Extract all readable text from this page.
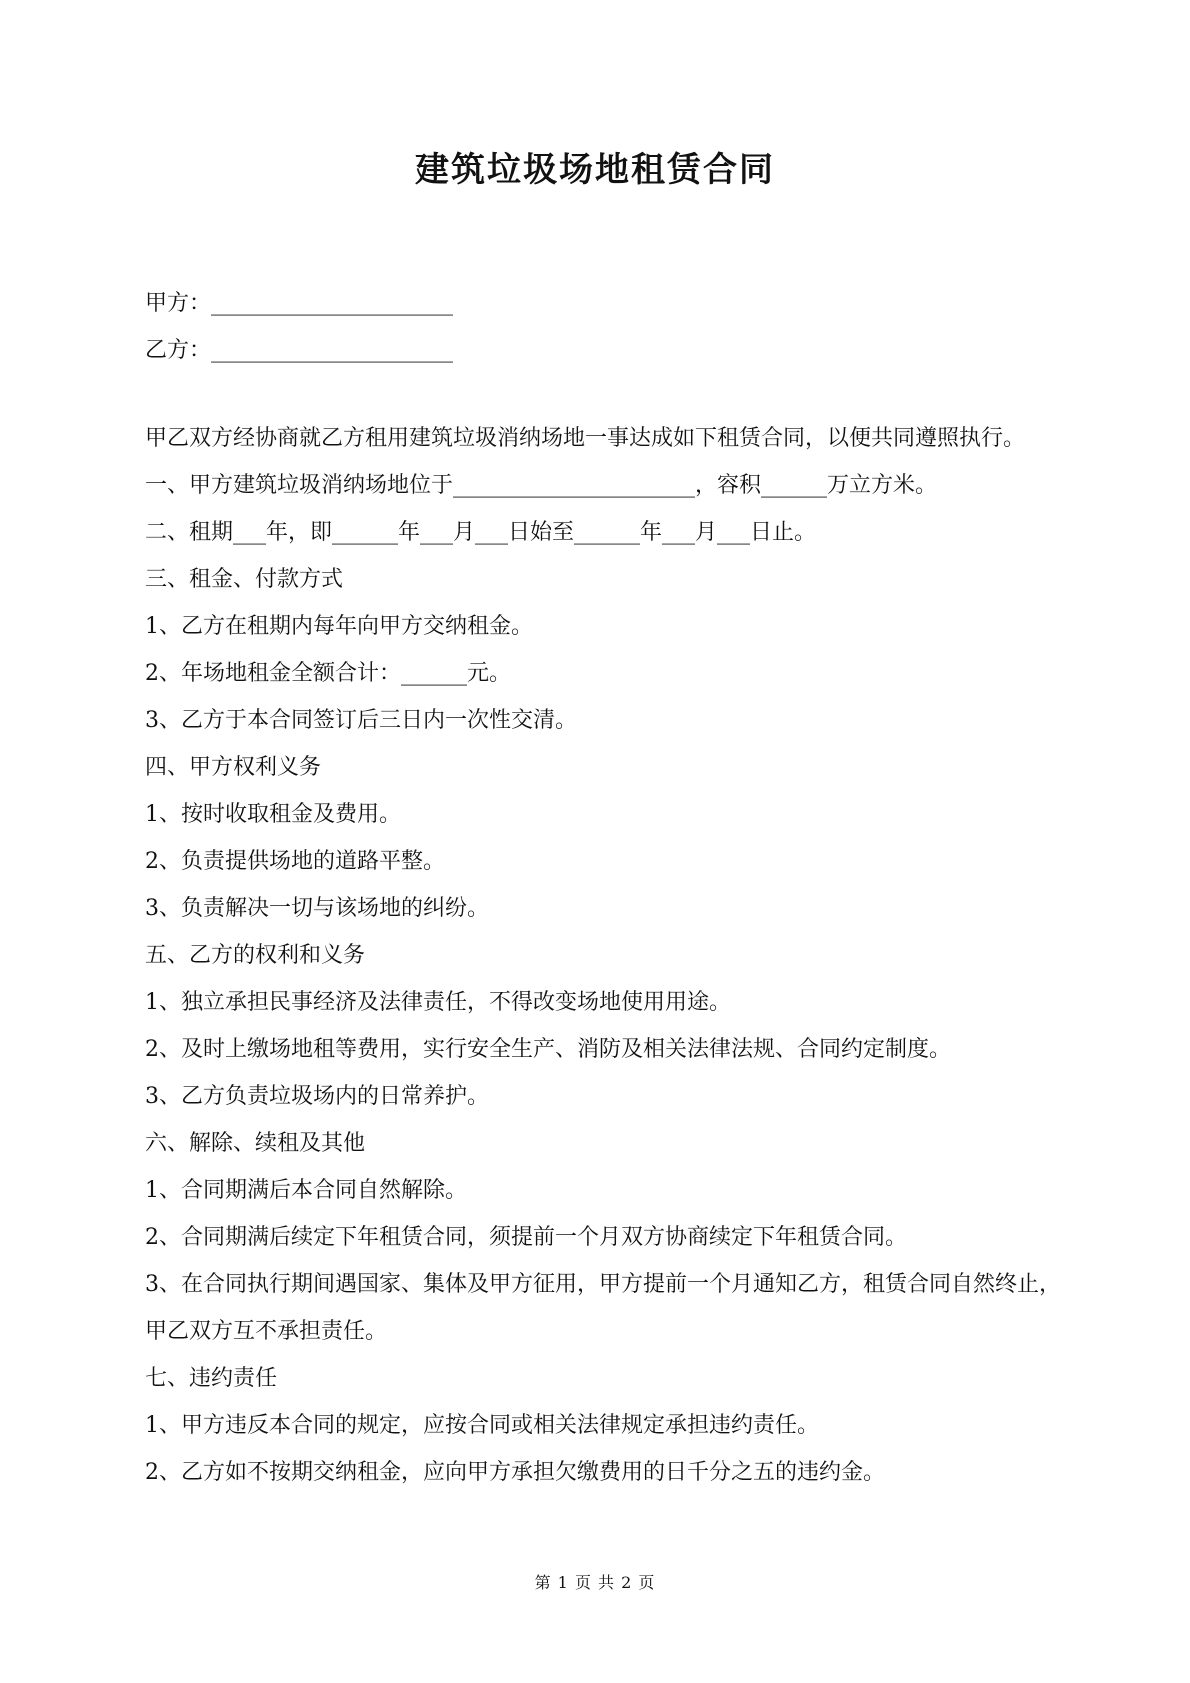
建筑垃圾场地租赁合同
甲方：______________________
乙方：______________________

甲乙双方经协商就乙方租用建筑垃圾消纳场地一事达成如下租赁合同，以便共同遵照执行。

一、甲方建筑垃圾消纳场地位于______________________，容积______万立方米。

二、租期___年，即______年___月___日始至______年___月___日止。

三、租金、付款方式

1、乙方在租期内每年向甲方交纳租金。

2、年场地租金全额合计：______元。

3、乙方于本合同签订后三日内一次性交清。

四、甲方权利义务

1、按时收取租金及费用。

2、负责提供场地的道路平整。

3、负责解决一切与该场地的纠纷。

五、乙方的权利和义务

1、独立承担民事经济及法律责任，不得改变场地使用用途。

2、及时上缴场地租等费用，实行安全生产、消防及相关法律法规、合同约定制度。

3、乙方负责垃圾场内的日常养护。

六、解除、续租及其他

1、合同期满后本合同自然解除。

2、合同期满后续定下年租赁合同，须提前一个月双方协商续定下年租赁合同。

3、在合同执行期间遇国家、集体及甲方征用，甲方提前一个月通知乙方，租赁合同自然终止，甲乙双方互不承担责任。

七、违约责任

1、甲方违反本合同的规定，应按合同或相关法律规定承担违约责任。

2、乙方如不按期交纳租金，应向甲方承担欠缴费用的日千分之五的违约金。

第 1 页 共 2 页
